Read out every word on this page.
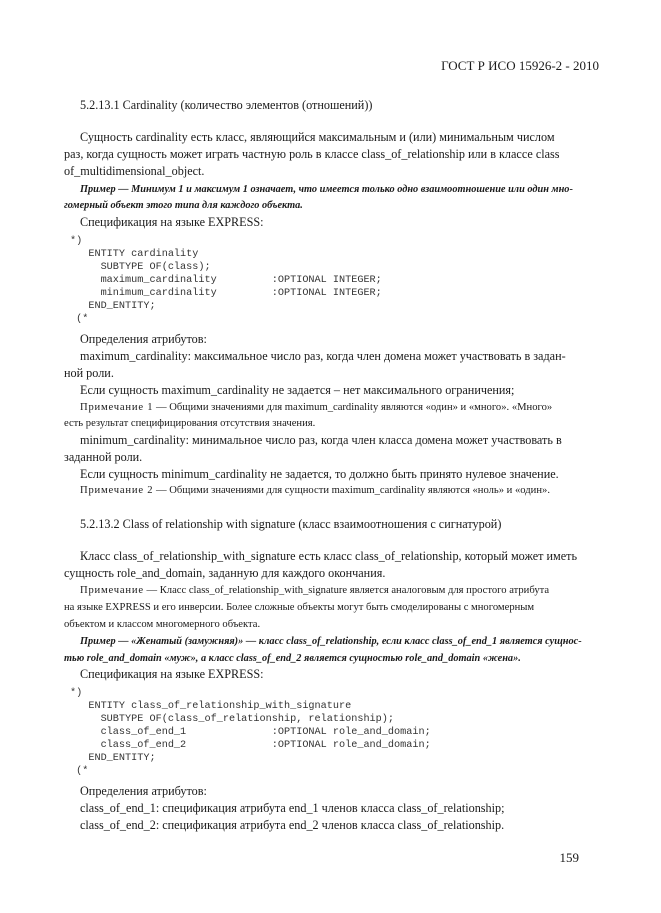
ГОСТ Р ИСО 15926-2 - 2010
5.2.13.1 Cardinality (количество элементов (отношений))
Сущность cardinality есть класс, являющийся максимальным и (или) минимальным числом
раз, когда сущность может играть частную роль в классе class_of_relationship или в классе class
of_multidimensional_object.
Пример — Минимум 1 и максимум 1 означает, что имеется только одно взаимоотношение или один мно-
гомерный объект этого типа для каждого объекта.
Спецификация на языке EXPRESS:
*)
ENTITY cardinality
SUBTYPE OF(class);
maximum_cardinality         :OPTIONAL INTEGER;
minimum_cardinality         :OPTIONAL INTEGER;
END_ENTITY;
(*
Определения атрибутов:
maximum_cardinality: максимальное число раз, когда член домена может участвовать в задан-
ной роли.
Если сущность maximum_cardinality не задается – нет максимального ограничения;
Примечание 1 — Общими значениями для maximum_cardinality являются «один» и «много». «Много»
есть результат специфицирования отсутствия значения.
minimum_cardinality: минимальное число раз, когда член класса домена может участвовать в
заданной роли.
Если сущность minimum_cardinality не задается, то должно быть принято нулевое значение.
Примечание 2 — Общими значениями для сущности maximum_cardinality являются «ноль» и «один».
5.2.13.2 Class of relationship with signature (класс взаимоотношения с сигнатурой)
Класс class_of_relationship_with_signature есть класс class_of_relationship, который может иметь
сущность role_and_domain, заданную для каждого окончания.
Примечание — Класс class_of_relationship_with_signature является аналоговым для простого атрибута
на языке EXPRESS и его инверсии. Более сложные объекты могут быть смоделированы с многомерным
объектом и классом многомерного объекта.
Пример — «Женатый (замужняя)» — класс class_of_relationship, если класс class_of_end_1 является сущнос-
тью role_and_domain «муж», а класс class_of_end_2 является сущностью role_and_domain «жена».
Спецификация на языке EXPRESS:
*)
ENTITY class_of_relationship_with_signature
SUBTYPE OF(class_of_relationship, relationship);
class_of_end_1              :OPTIONAL role_and_domain;
class_of_end_2              :OPTIONAL role_and_domain;
END_ENTITY;
(*
Определения атрибутов:
class_of_end_1: спецификация атрибута end_1 членов класса class_of_relationship;
class_of_end_2: спецификация атрибута end_2 членов класса class_of_relationship.
159
